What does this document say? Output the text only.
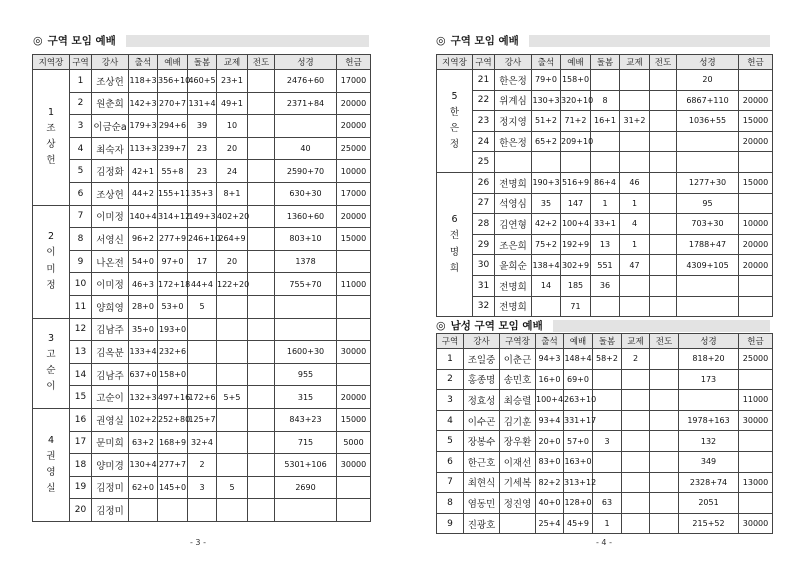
◎ 구역 모임 예배
지역장	구역	강사	출석	예배	돌봄	교제	전도	성경	헌금
1
조
상
헌	1	조상헌	118+3	356+10	460+5	23+1		2476+60	17000
	2	원춘희	142+3	270+7	131+4	49+1		2371+84	20000
	3	이금순a	179+3	294+6	39	10			20000
	4	최숙자	113+3	239+7	23	20		40	25000
	5	김정화	42+1	55+8	23	24		2590+70	10000
	6	조상헌	44+2	155+11	35+3	8+1		630+30	17000
2
이
미
정	7	이미정	140+4	314+12	149+3	402+20		1360+60	20000
	8	서영신	96+2	277+9	246+10	264+9		803+10	15000
	9	나온전	54+0	97+0	17	20		1378	
	10	이미정	46+3	172+18	44+4	122+20		755+70	11000
	11	양희영	28+0	53+0	5				
3
고
순
이	12	김남주	35+0	193+0					
	13	김옥분	133+4	232+6				1600+30	30000
	14	김남주	637+0	158+0				955	
	15	고순이	132+3	497+16	172+6	5+5		315	20000
4
권
영
실	16	권영실	102+2	252+80	125+7			843+23	15000
	17	문미희	63+2	168+9	32+4			715	5000
	18	양미경	130+4	277+7	2			5301+106	30000
	19	김정미	62+0	145+0	3	5		2690	
	20	김정미							
- 3 -
◎ 구역 모임 예배
지역장	구역	강사	출석	예배	돌봄	교제	전도	성경	헌금
5
한
은
정	21	한은정	79+0	158+0				20	
	22	위계심	130+3	320+10	8			6867+110	20000
	23	정지영	51+2	71+2	16+1	31+2		1036+55	15000
	24	한은정	65+2	209+10					20000
	25								
6
전
명
희	26	전명희	190+3	516+9	86+4	46		1277+30	15000
	27	석영심	35	147	1	1		95	
	28	김연형	42+2	100+4	33+1	4		703+30	10000
	29	조은희	75+2	192+9	13	1		1788+47	20000
	30	윤희순	138+4	302+9	551	47		4309+105	20000
	31	전명희	14	185	36				
	32	전명희		71					
◎ 남성 구역 모임 예배
구역	강사	구역장	출석	예배	돌봄	교제	전도	성경	헌금
1	조일중	이춘근	94+3	148+4	58+2	2		818+20	25000
2	홍종명	송민호	16+0	69+0				173	
3	정효성	최승렬	100+4	263+10					11000
4	이수곤	김기훈	93+4	331+17				1978+163	30000
5	장봉수	장우환	20+0	57+0	3			132	
6	한근호	이재선	83+0	163+0				349	
7	최현식	기세복	82+2	313+12				2328+74	13000
8	염동민	정진영	40+0	128+0	63			2051	
9	진광호		25+4	45+9	1			215+52	30000
- 4 -
